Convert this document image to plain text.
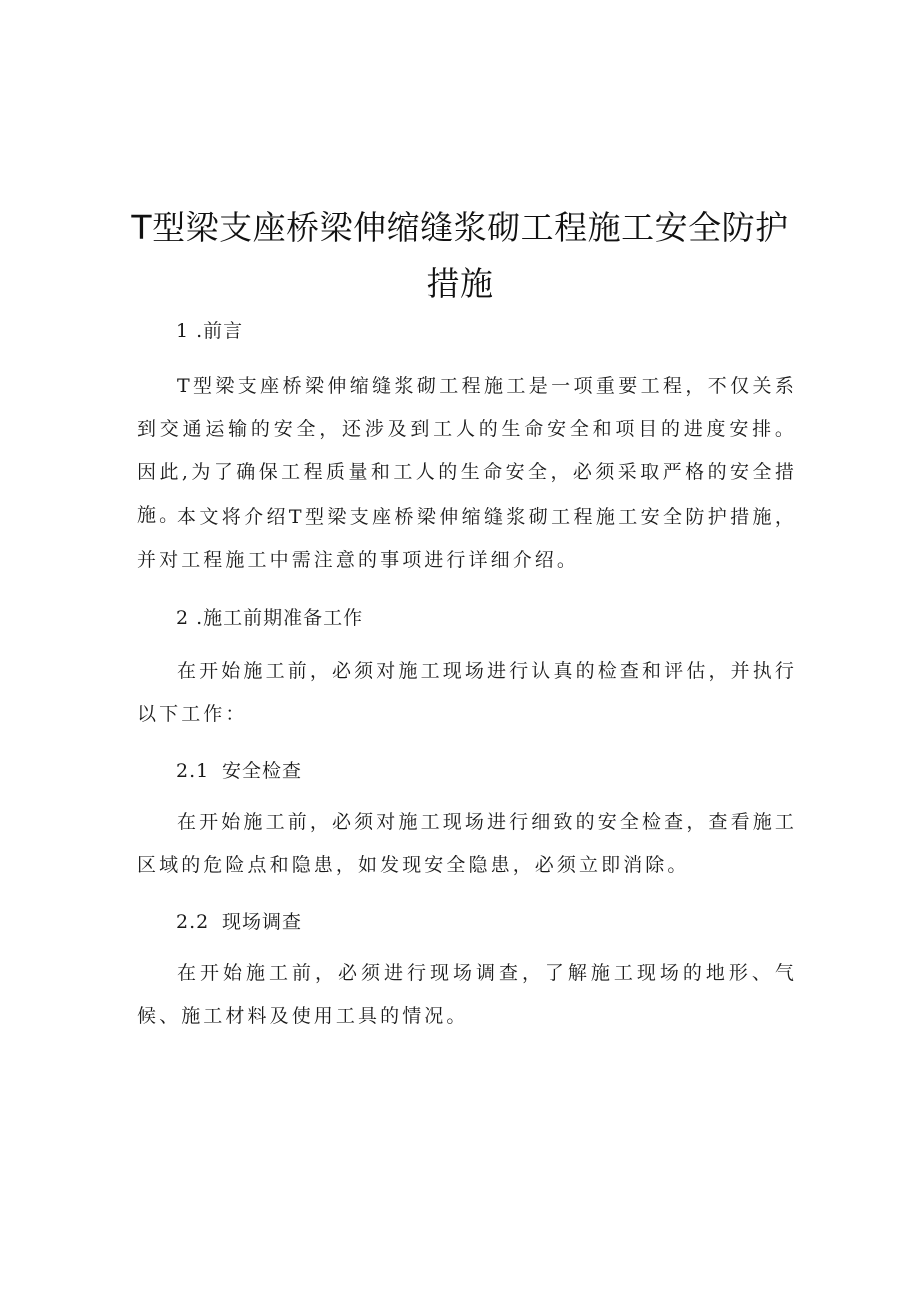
T型梁支座桥梁伸缩缝浆砌工程施工安全防护措施
1 .前言

T型梁支座桥梁伸缩缝浆砌工程施工是一项重要工程，不仅关系到交通运输的安全，还涉及到工人的生命安全和项目的进度安排。因此,为了确保工程质量和工人的生命安全，必须采取严格的安全措施。

本文将介绍T型梁支座桥梁伸缩缝浆砌工程施工安全防护措施，并对工程施工中需注意的事项进行详细介绍。

2 .施工前期准备工作

在开始施工前，必须对施工现场进行认真的检查和评估，并执行以下工作：

2.1 安全检查

在开始施工前，必须对施工现场进行细致的安全检查，查看施工区域的危险点和隐患，如发现安全隐患，必须立即消除。

2.2 现场调查

在开始施工前，必须进行现场调查，了解施工现场的地形、气候、施工材料及使用工具的情况。
